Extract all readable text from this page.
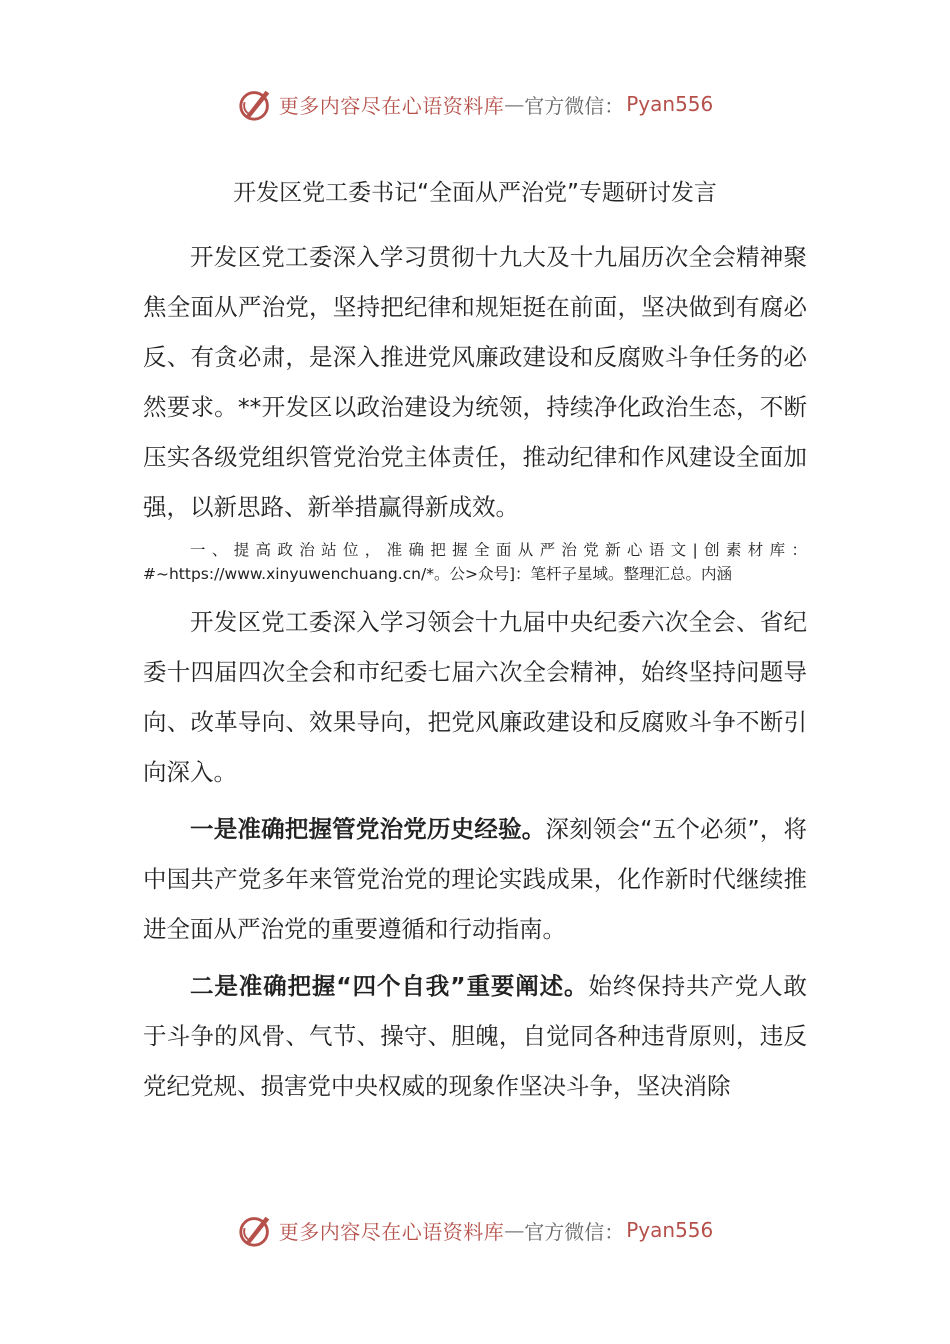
更多内容尽在心语资料库 — 官方微信： Pyan556
开发区党工委书记“全面从严治党”专题研讨发言

开发区党工委深入学习贯彻十九大及十九届历次全会精神聚焦全面从严治党，坚持把纪律和规矩挺在前面，坚决做到有腐必反、有贪必肃，是深入推进党风廉政建设和反腐败斗争任务的必然要求。**开发区以政治建设为统领，持续净化政治生态，不断压实各级党组织管党治党主体责任，推动纪律和作风建设全面加强，以新思路、新举措赢得新成效。

一、提高政治站位，准确把握全面从严治党新心语文|创素材库：#~https://www.xinyuwenchuang.cn/*。公>众号]：笔杆子星域。整理汇总。内涵

开发区党工委深入学习领会十九届中央纪委六次全会、省纪委十四届四次全会和市纪委七届六次全会精神，始终坚持问题导向、改革导向、效果导向，把党风廉政建设和反腐败斗争不断引向深入。

一是准确把握管党治党历史经验。深刻领会“五个必须”，将中国共产党多年来管党治党的理论实践成果，化作新时代继续推进全面从严治党的重要遵循和行动指南。

二是准确把握“四个自我”重要阐述。始终保持共产党人敢于斗争的风骨、气节、操守、胆魄，自觉同各种违背原则，违反党纪党规、损害党中央权威的现象作坚决斗争，坚决消除

更多内容尽在心语资料库 — 官方微信： Pyan556
